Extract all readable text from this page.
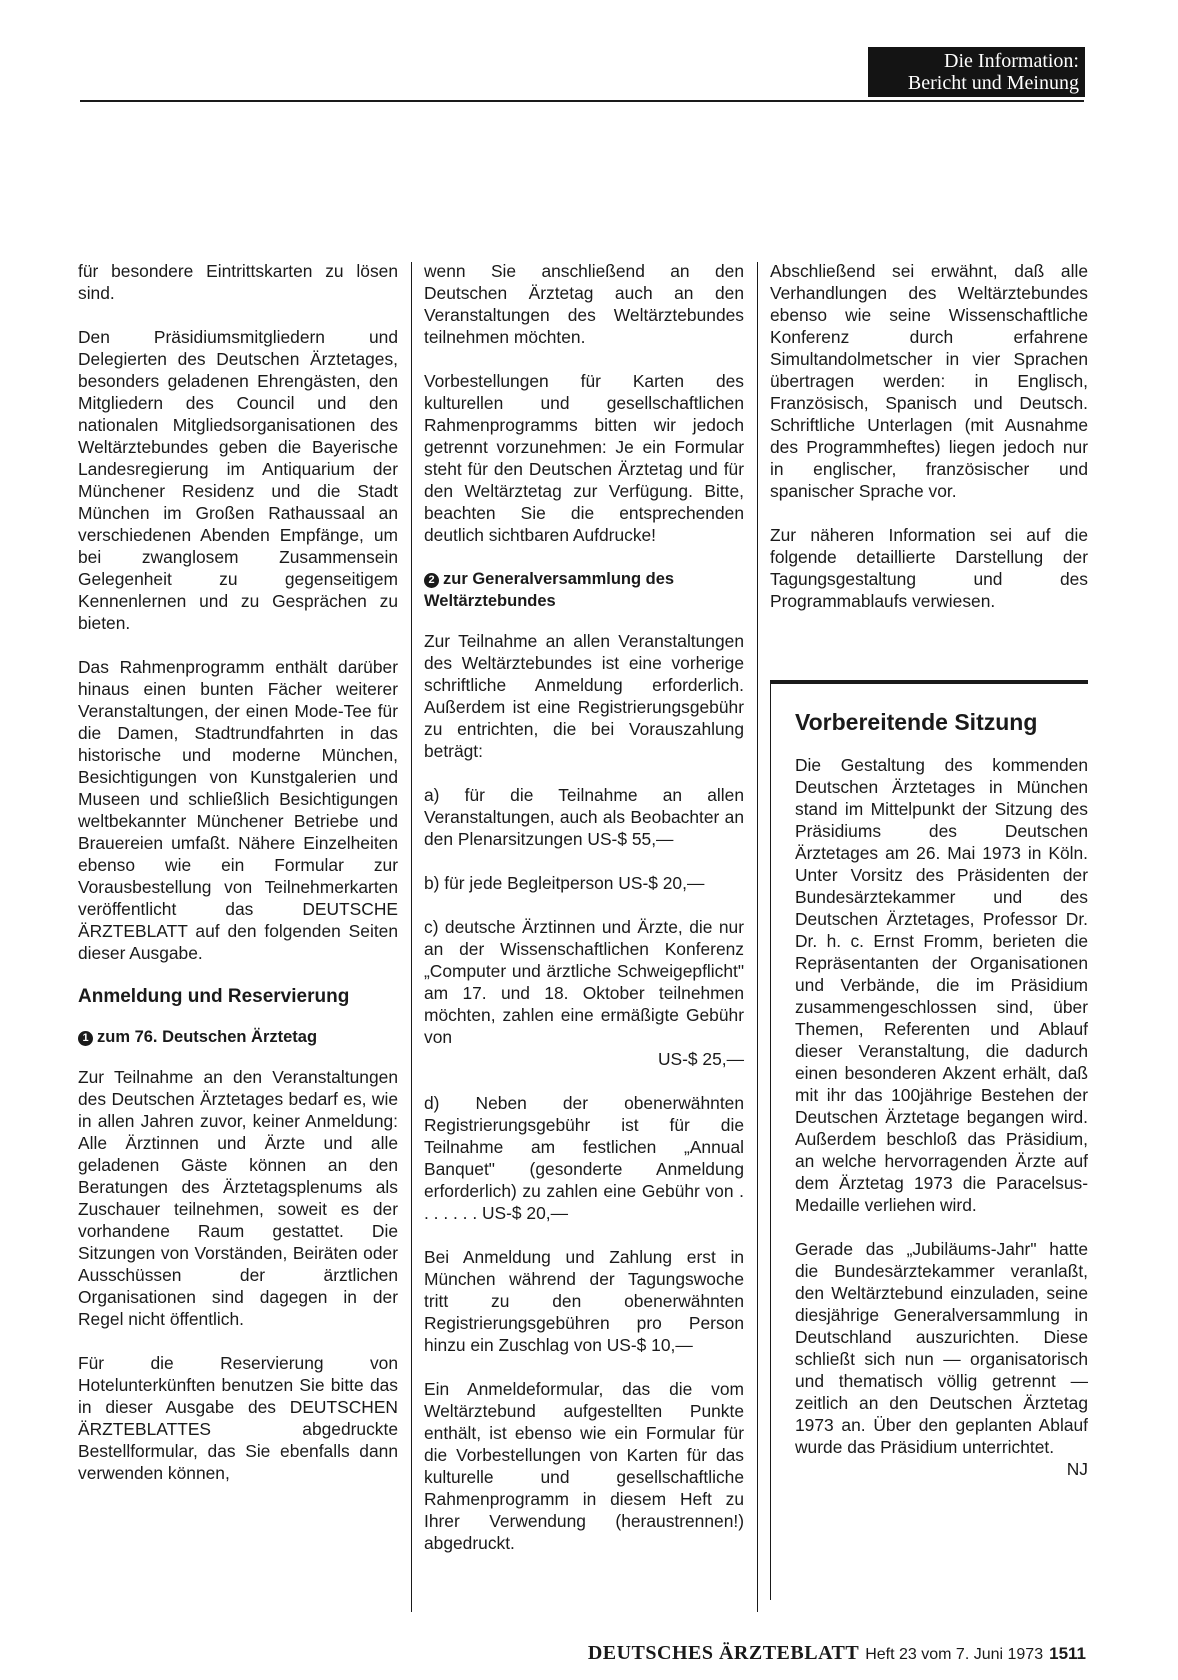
Die Information:
Bericht und Meinung

für besondere Eintrittskarten zu lösen sind.

Den Präsidiumsmitgliedern und Delegierten des Deutschen Ärztetages, besonders geladenen Ehrengästen, den Mitgliedern des Council und den nationalen Mitgliedsorganisationen des Weltärztebundes geben die Bayerische Landesregierung im Antiquarium der Münchener Residenz und die Stadt München im Großen Rathaussaal an verschiedenen Abenden Empfänge, um bei zwanglosem Zusammensein Gelegenheit zu gegenseitigem Kennenlernen und zu Gesprächen zu bieten.

Das Rahmenprogramm enthält darüber hinaus einen bunten Fächer weiterer Veranstaltungen, der einen Mode-Tee für die Damen, Stadtrundfahrten in das historische und moderne München, Besichtigungen von Kunstgalerien und Museen und schließlich Besichtigungen weltbekannter Münchener Betriebe und Brauereien umfaßt. Nähere Einzelheiten ebenso wie ein Formular zur Vorausbestellung von Teilnehmerkarten veröffentlicht das DEUTSCHE ÄRZTEBLATT auf den folgenden Seiten dieser Ausgabe.

Anmeldung und Reservierung
1 zum 76. Deutschen Ärztetag

Zur Teilnahme an den Veranstaltungen des Deutschen Ärztetages bedarf es, wie in allen Jahren zuvor, keiner Anmeldung: Alle Ärztinnen und Ärzte und alle geladenen Gäste können an den Beratungen des Ärztetagsplenums als Zuschauer teilnehmen, soweit es der vorhandene Raum gestattet. Die Sitzungen von Vorständen, Beiräten oder Ausschüssen der ärztlichen Organisationen sind dagegen in der Regel nicht öffentlich.

Für die Reservierung von Hotelunterkünften benutzen Sie bitte das in dieser Ausgabe des DEUTSCHEN ÄRZTEBLATTES abgedruckte Bestellformular, das Sie ebenfalls dann verwenden können,

wenn Sie anschließend an den Deutschen Ärztetag auch an den Veranstaltungen des Weltärztebundes teilnehmen möchten.

Vorbestellungen für Karten des kulturellen und gesellschaftlichen Rahmenprogramms bitten wir jedoch getrennt vorzunehmen: Je ein Formular steht für den Deutschen Ärztetag und für den Weltärztetag zur Verfügung. Bitte, beachten Sie die entsprechenden deutlich sichtbaren Aufdrucke!

2 zur Generalversammlung des Weltärztebundes

Zur Teilnahme an allen Veranstaltungen des Weltärztebundes ist eine vorherige schriftliche Anmeldung erforderlich. Außerdem ist eine Registrierungsgebühr zu entrichten, die bei Vorauszahlung beträgt:

a) für die Teilnahme an allen Veranstaltungen, auch als Beobachter an den Plenarsitzungen US-$ 55,—

b) für jede Begleitperson US-$ 20,—

c) deutsche Ärztinnen und Ärzte, die nur an der Wissenschaftlichen Konferenz „Computer und ärztliche Schweigepflicht" am 17. und 18. Oktober teilnehmen möchten, zahlen eine ermäßigte Gebühr von

US-$ 25,—

d) Neben der obenerwähnten Registrierungsgebühr ist für die Teilnahme am festlichen „Annual Banquet" (gesonderte Anmeldung erforderlich) zu zahlen eine Gebühr von . . . . . . . US-$ 20,—

Bei Anmeldung und Zahlung erst in München während der Tagungswoche tritt zu den obenerwähnten Registrierungsgebühren pro Person hinzu ein Zuschlag von US-$ 10,—

Ein Anmeldeformular, das die vom Weltärztebund aufgestellten Punkte enthält, ist ebenso wie ein Formular für die Vorbestellungen von Karten für das kulturelle und gesellschaftliche Rahmenprogramm in diesem Heft zu Ihrer Verwendung (heraustrennen!) abgedruckt.

Abschließend sei erwähnt, daß alle Verhandlungen des Weltärztebundes ebenso wie seine Wissenschaftliche Konferenz durch erfahrene Simultandolmetscher in vier Sprachen übertragen werden: in Englisch, Französisch, Spanisch und Deutsch. Schriftliche Unterlagen (mit Ausnahme des Programmheftes) liegen jedoch nur in englischer, französischer und spanischer Sprache vor.

Zur näheren Information sei auf die folgende detaillierte Darstellung der Tagungsgestaltung und des Programmablaufs verwiesen.

Vorbereitende Sitzung

Die Gestaltung des kommenden Deutschen Ärztetages in München stand im Mittelpunkt der Sitzung des Präsidiums des Deutschen Ärztetages am 26. Mai 1973 in Köln. Unter Vorsitz des Präsidenten der Bundesärztekammer und des Deutschen Ärztetages, Professor Dr. Dr. h. c. Ernst Fromm, berieten die Repräsentanten der Organisationen und Verbände, die im Präsidium zusammengeschlossen sind, über Themen, Referenten und Ablauf dieser Veranstaltung, die dadurch einen besonderen Akzent erhält, daß mit ihr das 100jährige Bestehen der Deutschen Ärztetage begangen wird. Außerdem beschloß das Präsidium, an welche hervorragenden Ärzte auf dem Ärztetag 1973 die Paracelsus-Medaille verliehen wird.

Gerade das „Jubiläums-Jahr" hatte die Bundesärztekammer veranlaßt, den Weltärztebund einzuladen, seine diesjährige Generalversammlung in Deutschland auszurichten. Diese schließt sich nun — organisatorisch und thematisch völlig getrennt — zeitlich an den Deutschen Ärztetag 1973 an. Über den geplanten Ablauf wurde das Präsidium unterrichtet.

NJ
DEUTSCHES ÄRZTEBLATT Heft 23 vom 7. Juni 1973 1511
